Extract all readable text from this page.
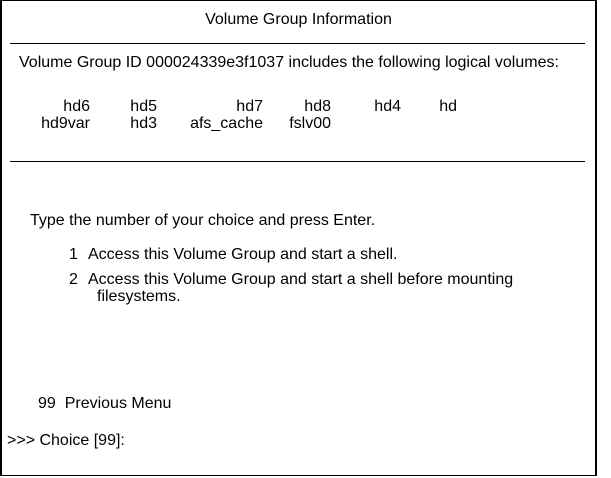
Volume Group Information
Volume Group ID 000024339e3f1037 includes the following logical volumes:
hd6	hd5	hd7	hd8	hd4 hd
hd9var	hd3 afs_cache fslv00
Type the number of your choice and press Enter.
1 Access this Volume Group and start a shell.
2 Access this Volume Group and start a shell before mounting
filesystems.
99 Previous Menu
>>> Choice [99]:
